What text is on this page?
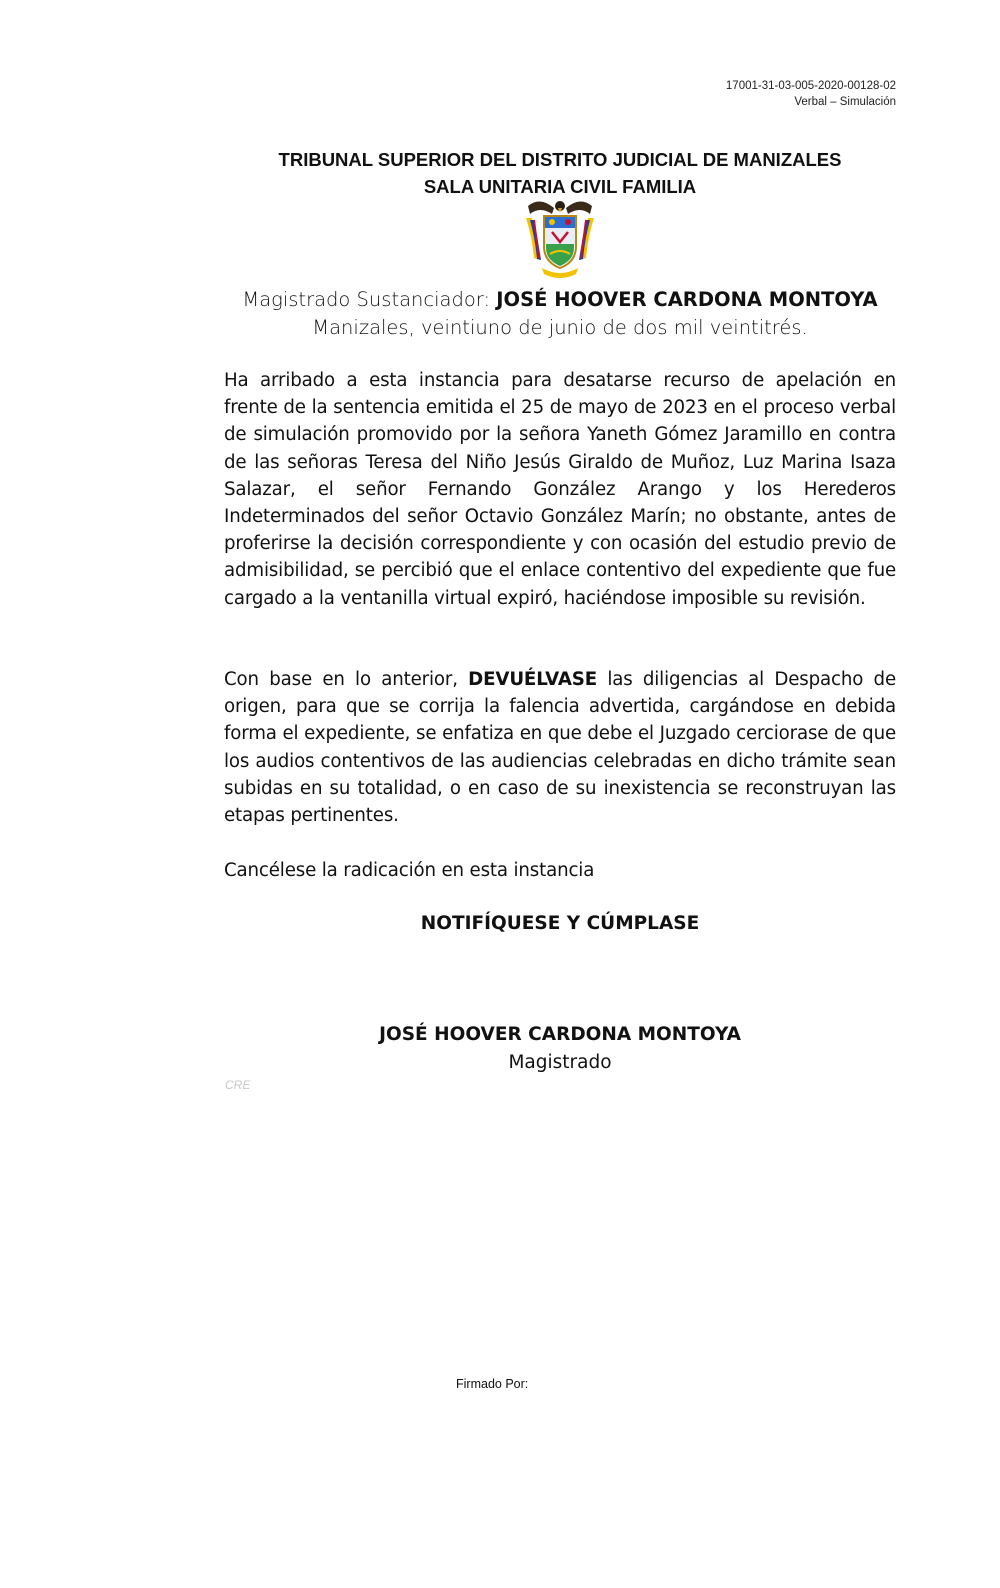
17001-31-03-005-2020-00128-02
Verbal – Simulación
TRIBUNAL SUPERIOR DEL DISTRITO JUDICIAL DE MANIZALES
SALA UNITARIA CIVIL FAMILIA
Magistrado Sustanciador: JOSÉ HOOVER CARDONA MONTOYA
Manizales, veintiuno de junio de dos mil veintitrés.
Ha arribado a esta instancia para desatarse recurso de apelación en frente de la sentencia emitida el 25 de mayo de 2023 en el proceso verbal de simulación promovido por la señora Yaneth Gómez Jaramillo en contra de las señoras Teresa del Niño Jesús Giraldo de Muñoz, Luz Marina Isaza Salazar, el señor Fernando González Arango y los Herederos Indeterminados del señor Octavio González Marín; no obstante, antes de proferirse la decisión correspondiente y con ocasión del estudio previo de admisibilidad, se percibió que el enlace contentivo del expediente que fue cargado a la ventanilla virtual expiró, haciéndose imposible su revisión.
Con base en lo anterior, DEVUÉLVASE las diligencias al Despacho de origen, para que se corrija la falencia advertida, cargándose en debida forma el expediente, se enfatiza en que debe el Juzgado cerciorase de que los audios contentivos de las audiencias celebradas en dicho trámite sean subidas en su totalidad, o en caso de su inexistencia se reconstruyan las etapas pertinentes.
Cancélese la radicación en esta instancia
NOTIFÍQUESE Y CÚMPLASE
JOSÉ HOOVER CARDONA MONTOYA
Magistrado
CRE
Firmado Por:
